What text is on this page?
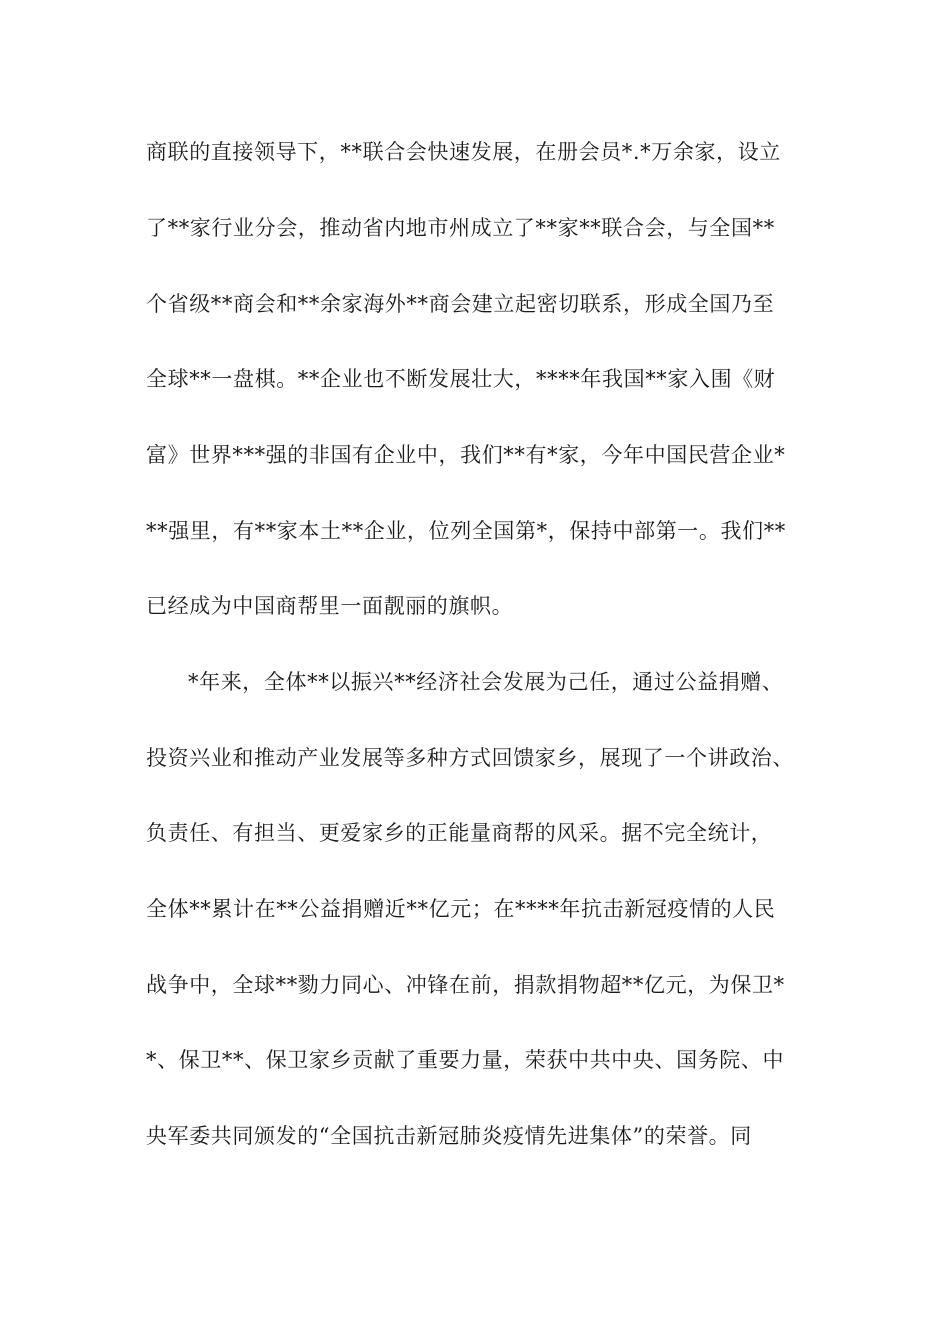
商联的直接领导下，**联合会快速发展，在册会员*.*万余家，设立
了**家行业分会，推动省内地市州成立了**家**联合会，与全国**
个省级**商会和**余家海外**商会建立起密切联系，形成全国乃至
全球**一盘棋。**企业也不断发展壮大，****年我国**家入围《财
富》世界***强的非国有企业中，我们**有*家，今年中国民营企业*
**强里，有**家本土**企业，位列全国第*，保持中部第一。我们**
已经成为中国商帮里一面靓丽的旗帜。
*年来，全体**以振兴**经济社会发展为己任，通过公益捐赠、
投资兴业和推动产业发展等多种方式回馈家乡，展现了一个讲政治、
负责任、有担当、更爱家乡的正能量商帮的风采。据不完全统计，
全体**累计在**公益捐赠近**亿元；在****年抗击新冠疫情的人民
战争中，全球**勠力同心、冲锋在前，捐款捐物超**亿元，为保卫*
*、保卫**、保卫家乡贡献了重要力量，荣获中共中央、国务院、中
央军委共同颁发的“全国抗击新冠肺炎疫情先进集体”的荣誉。同
